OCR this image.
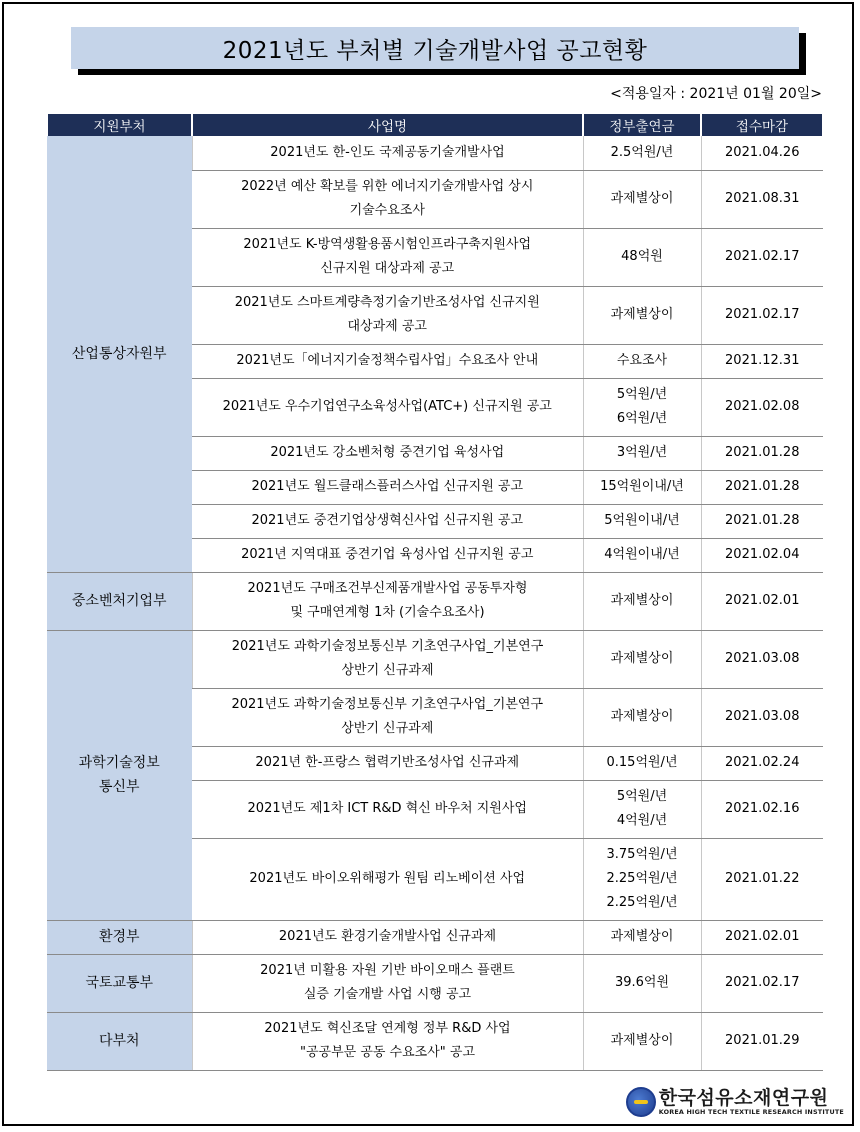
2021년도 부처별 기술개발사업 공고현황
<적용일자 : 2021년 01월 20일>
지원부처	사업명	정부출연금	접수마감
산업통상자원부	2021년도 한-인도 국제공동기술개발사업	2.5억원/년	2021.04.26
	2022년 예산 확보를 위한 에너지기술개발사업 상시
기술수요조사	과제별상이	2021.08.31
	2021년도 K-방역생활용품시험인프라구축지원사업
신규지원 대상과제 공고	48억원	2021.02.17
	2021년도 스마트계량측정기술기반조성사업 신규지원
대상과제 공고	과제별상이	2021.02.17
	2021년도「에너지기술정책수립사업」수요조사 안내	수요조사	2021.12.31
	2021년도 우수기업연구소육성사업(ATC+) 신규지원 공고	5억원/년
6억원/년	2021.02.08
	2021년도 강소벤처형 중견기업 육성사업	3억원/년	2021.01.28
	2021년도 월드클래스플러스사업 신규지원 공고	15억원이내/년	2021.01.28
	2021년도 중견기업상생혁신사업 신규지원 공고	5억원이내/년	2021.01.28
	2021년 지역대표 중견기업 육성사업 신규지원 공고	4억원이내/년	2021.02.04
중소벤처기업부	2021년도 구매조건부신제품개발사업 공동투자형
및 구매연계형 1차 (기술수요조사)	과제별상이	2021.02.01
과학기술정보
통신부	2021년도 과학기술정보통신부 기초연구사업_기본연구
상반기 신규과제	과제별상이	2021.03.08
	2021년도 과학기술정보통신부 기초연구사업_기본연구
상반기 신규과제	과제별상이	2021.03.08
	2021년 한-프랑스 협력기반조성사업 신규과제	0.15억원/년	2021.02.24
	2021년도 제1차 ICT R&D 혁신 바우처 지원사업	5억원/년
4억원/년	2021.02.16
	2021년도 바이오위해평가 원팀 리노베이션 사업	3.75억원/년
2.25억원/년
2.25억원/년	2021.01.22
환경부	2021년도 환경기술개발사업 신규과제	과제별상이	2021.02.01
국토교통부	2021년 미활용 자원 기반 바이오매스 플랜트
실증 기술개발 사업 시행 공고	39.6억원	2021.02.17
다부처	2021년도 혁신조달 연계형 정부 R&D 사업
"공공부문 공동 수요조사" 공고	과제별상이	2021.01.29
한국섬유소재연구원
KOREA HIGH TECH TEXTILE RESEARCH INSTITUTE
